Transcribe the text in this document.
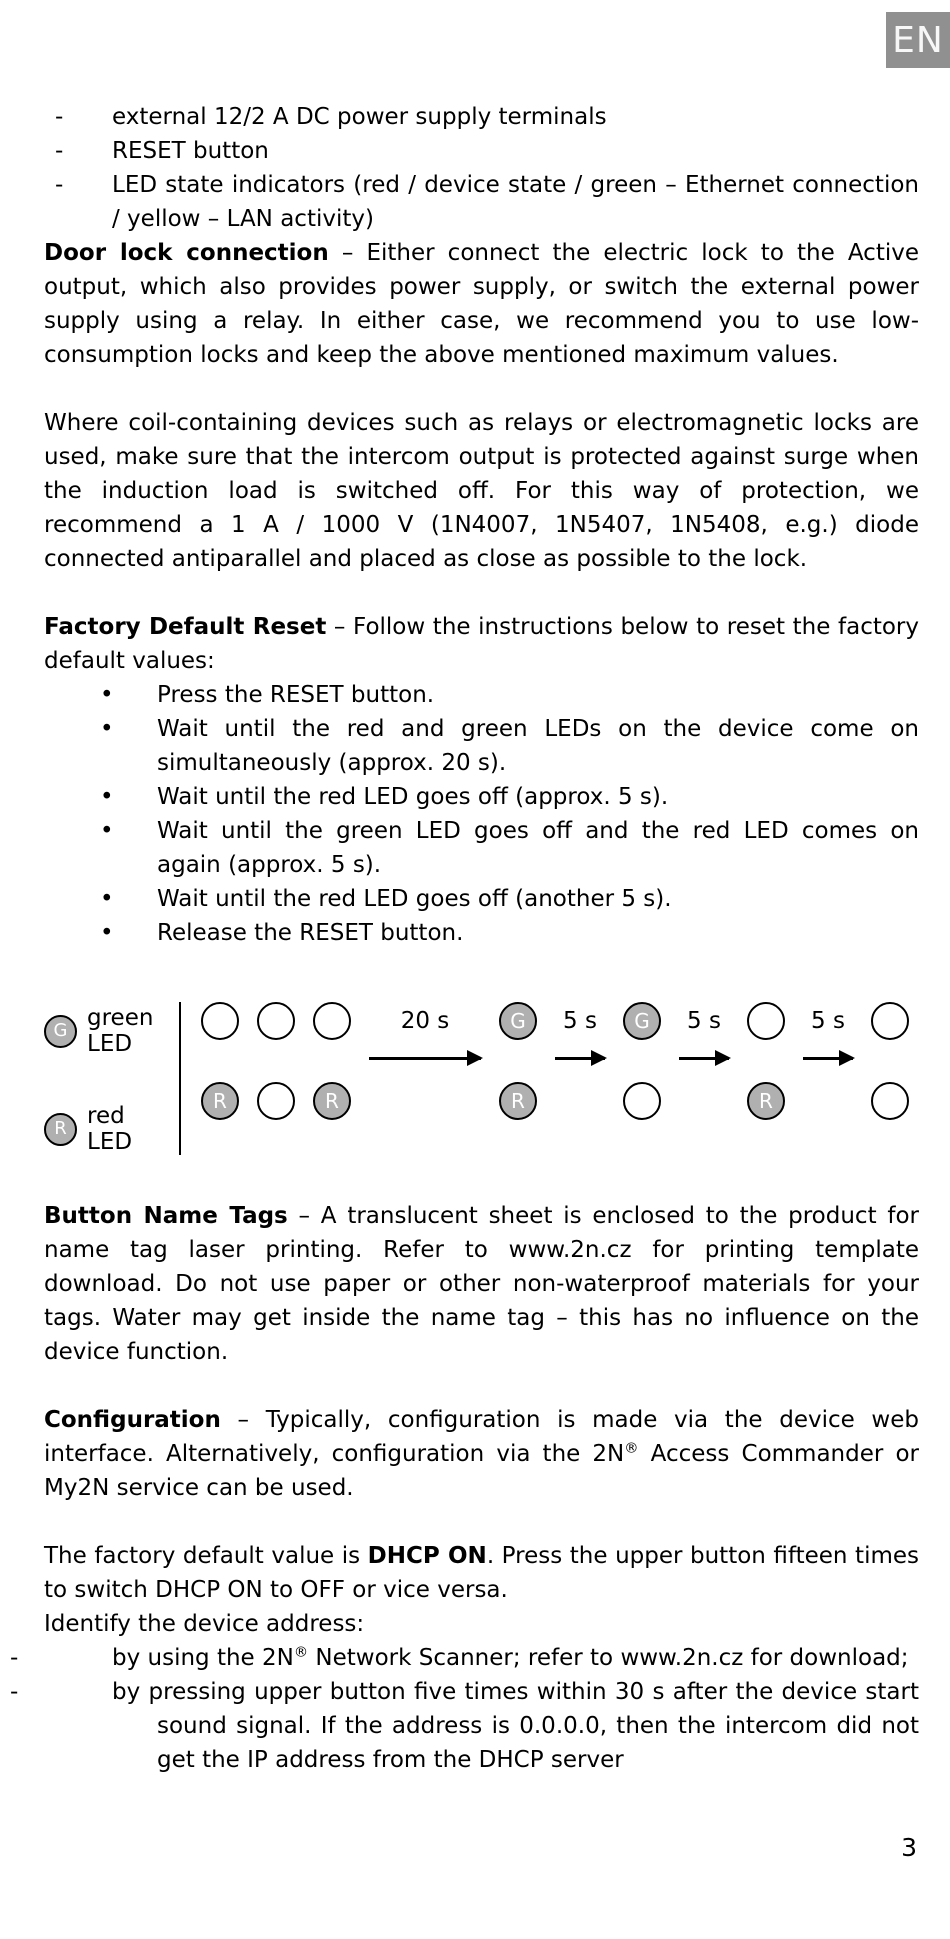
EN
- external 12/2 A DC power supply terminals
- RESET button
- LED state indicators (red / device state / green – Ethernet connection / yellow – LAN activity)

Door lock connection – Either connect the electric lock to the Active output, which also provides power supply, or switch the external power supply using a relay. In either case, we recommend you to use low-consumption locks and keep the above mentioned maximum values.

Where coil-containing devices such as relays or electromagnetic locks are used, make sure that the intercom output is protected against surge when the induction load is switched off. For this way of protection, we recommend a 1 A / 1000 V (1N4007, 1N5407, 1N5408, e.g.) diode connected antiparallel and placed as close as possible to the lock.

Factory Default Reset – Follow the instructions below to reset the factory default values:

• Press the RESET button.
• Wait until the red and green LEDs on the device come on simultaneously (approx. 20 s).
• Wait until the red LED goes off (approx. 5 s).
• Wait until the green LED goes off and the red LED comes on again (approx. 5 s).
• Wait until the red LED goes off (another 5 s).
• Release the RESET button.
G green LED
R red LED
R	R
20 s	G
R
5 s	G	5 s
R
5 s

Button Name Tags – A translucent sheet is enclosed to the product for name tag laser printing. Refer to www.2n.cz for printing template download. Do not use paper or other non-waterproof materials for your tags. Water may get inside the name tag – this has no influence on the device function.

Configuration – Typically, configuration is made via the device web interface. Alternatively, configuration via the 2N® Access Commander or My2N service can be used.

The factory default value is DHCP ON. Press the upper button fifteen times to switch DHCP ON to OFF or vice versa.

Identify the device address:

- by using the 2N® Network Scanner; refer to www.2n.cz for download;
- by pressing upper button five times within 30 s after the device start sound signal. If the address is 0.0.0.0, then the intercom did not get the IP address from the DHCP server
3
